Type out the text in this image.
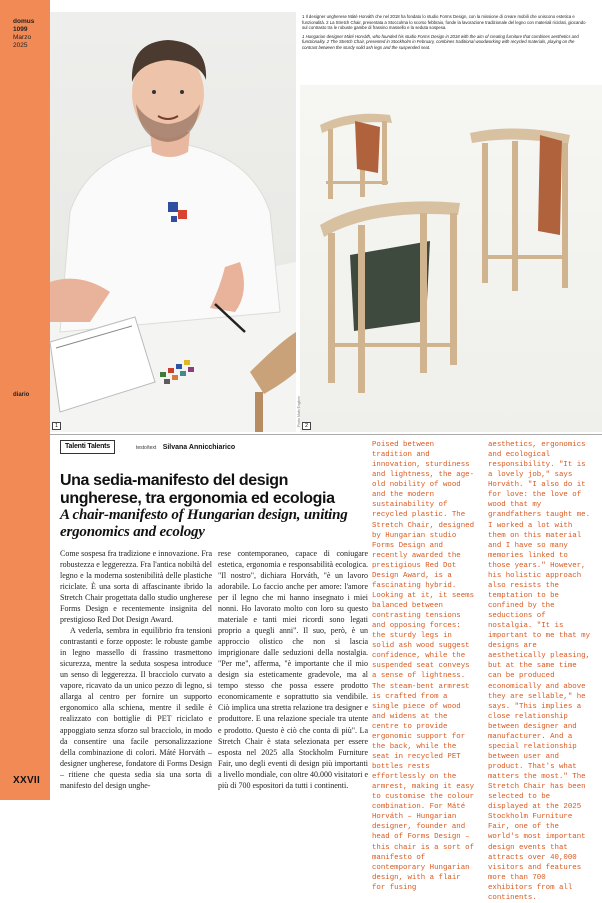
domus 1099
Marzo
2025
diario
XXVII
1

1 Il designer ungherese Máté Horváth che nel 2018 ha fondato lo studio Forms Design, con la missione di creare mobili che uniscono estetica e funzionalità. 2 La Stretch Chair, presentata a Stoccolma lo scorso febbraio, fonde la lavorazione tradizionale del legno con materiali riciclati, giocando sul contrasto tra le robuste gambe di frassino massello e la seduta sospesa.

1 Hungarian designer Máté Horváth, who founded his studio Forms Design in 2018 with the aim of creating furniture that combines aesthetics and functionality. 2 The Stretch Chair, presented in Stockholm in February, combines traditional woodworking with recycled materials, playing on the contrast between the sturdy solid ash legs and the suspended seat.

2
Photo Mats Engfors
Talenti Talents	testo/text Silvana Annicchiarico
Una sedia-manifesto del design ungherese, tra ergonomia ed ecologia
A chair-manifesto of Hungarian design, uniting ergonomics and ecology

Come sospesa fra tradizione e innovazione. Fra robustezza e leggerezza. Fra l'antica nobiltà del legno e la moderna sostenibilità delle plastiche riciclate. È una sorta di affascinante ibrido la Stretch Chair progettata dallo studio ungherese Forms Design e recentemente insignita del prestigioso Red Dot Design Award.

A vederla, sembra in equilibrio fra tensioni contrastanti e forze opposte: le robuste gambe in legno massello di frassino trasmettono sicurezza, mentre la seduta sospesa introduce un senso di leggerezza. Il bracciolo curvato a vapore, ricavato da un unico pezzo di legno, si allarga al centro per fornire un supporto ergonomico alla schiena, mentre il sedile è realizzato con bottiglie di PET riciclato e appoggiato senza sforzo sul bracciolo, in modo da consentire una facile personalizzazione della combinazione di colori. Máté Horváth – designer ungherese, fondatore di Forms Design – ritiene che questa sedia sia una sorta di manifesto del design unghe-

rese contemporaneo, capace di coniugare estetica, ergonomia e responsabilità ecologica. "Il nostro", dichiara Horváth, "è un lavoro adorabile. Lo faccio anche per amore: l'amore per il legno che mi hanno insegnato i miei nonni. Ho lavorato molto con loro su questo materiale e tanti miei ricordi sono legati proprio a quegli anni". Il suo, però, è un approccio olistico che non si lascia imprigionare dalle seduzioni della nostalgia. "Per me", afferma, "è importante che il mio design sia esteticamente gradevole, ma al tempo stesso che possa essere prodotto economicamente e soprattutto sia vendibile. Ciò implica una stretta relazione tra designer e produttore. E una relazione speciale tra utente e prodotto. Questo è ciò che conta di più". La Stretch Chair è stata selezionata per essere esposta nel 2025 alla Stockholm Furniture Fair, uno degli eventi di design più importanti a livello mondiale, con oltre 40.000 visitatori e più di 700 espositori da tutti i continenti.

Poised between tradition and innovation, sturdiness and lightness, the age-old nobility of wood and the modern sustainability of recycled plastic. The Stretch Chair, designed by Hungarian studio Forms Design and recently awarded the prestigious Red Dot Design Award, is a fascinating hybrid. Looking at it, it seems balanced between contrasting tensions and opposing forces: the sturdy legs in solid ash wood suggest confidence, while the suspended seat conveys a sense of lightness. The steam-bent armrest is crafted from a single piece of wood and widens at the centre to provide ergonomic support for the back, while the seat in recycled PET bottles rests effortlessly on the armrest, making it easy to customise the colour combination. For Máté Horváth – Hungarian designer, founder and head of Forms Design – this chair is a sort of manifesto of contemporary Hungarian design, with a flair for fusing

aesthetics, ergonomics and ecological responsibility. "It is a lovely job," says Horváth. "I also do it for love: the love of wood that my grandfathers taught me. I worked a lot with them on this material and I have so many memories linked to those years." However, his holistic approach also resists the temptation to be confined by the seductions of nostalgia. "It is important to me that my designs are aesthetically pleasing, but at the same time can be produced economically and above they are sellable," he says. "This implies a close relationship between designer and manufacturer. And a special relationship between user and product. That's what matters the most." The Stretch Chair has been selected to be displayed at the 2025 Stockholm Furniture Fair, one of the world's most important design events that attracts over 40,000 visitors and features more than 700 exhibitors from all continents.
